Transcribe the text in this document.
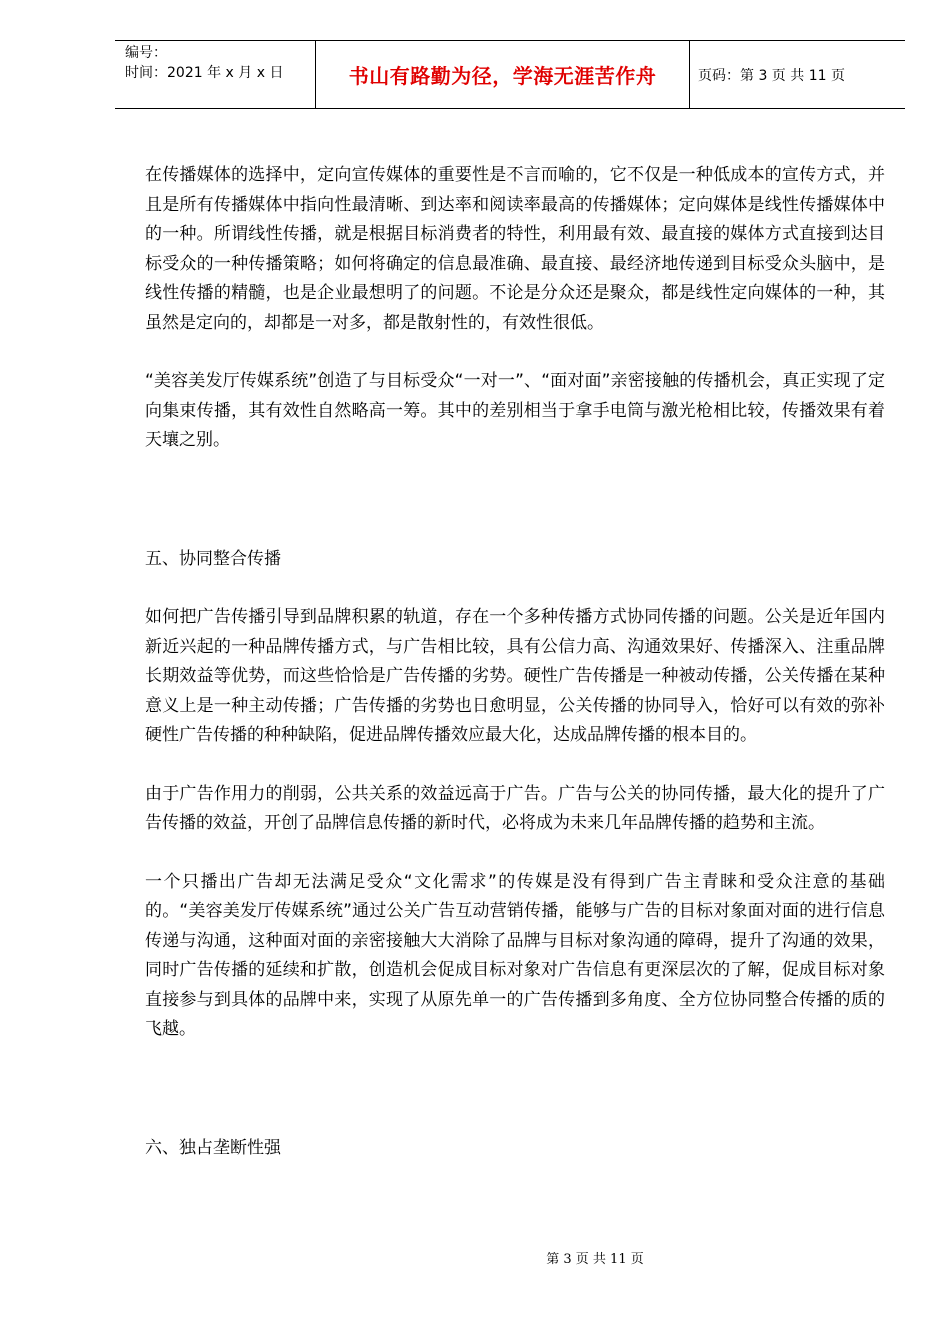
编号：
时间：2021 年 x 月 x 日	书山有路勤为径，学海无涯苦作舟	页码：第 3 页 共 11 页

在传播媒体的选择中，定向宣传媒体的重要性是不言而喻的，它不仅是一种低成本的宣传方式，并且是所有传播媒体中指向性最清晰、到达率和阅读率最高的传播媒体；定向媒体是线性传播媒体中的一种。所谓线性传播，就是根据目标消费者的特性，利用最有效、最直接的媒体方式直接到达目标受众的一种传播策略；如何将确定的信息最准确、最直接、最经济地传递到目标受众头脑中，是线性传播的精髓，也是企业最想明了的问题。不论是分众还是聚众，都是线性定向媒体的一种，其虽然是定向的，却都是一对多，都是散射性的，有效性很低。

“美容美发厅传媒系统”创造了与目标受众“一对一”、“面对面”亲密接触的传播机会，真正实现了定向集束传播，其有效性自然略高一筹。其中的差别相当于拿手电筒与激光枪相比较，传播效果有着天壤之别。

五、协同整合传播

如何把广告传播引导到品牌积累的轨道，存在一个多种传播方式协同传播的问题。公关是近年国内新近兴起的一种品牌传播方式，与广告相比较，具有公信力高、沟通效果好、传播深入、注重品牌长期效益等优势，而这些恰恰是广告传播的劣势。硬性广告传播是一种被动传播，公关传播在某种意义上是一种主动传播；广告传播的劣势也日愈明显，公关传播的协同导入，恰好可以有效的弥补硬性广告传播的种种缺陷，促进品牌传播效应最大化，达成品牌传播的根本目的。

由于广告作用力的削弱，公共关系的效益远高于广告。广告与公关的协同传播，最大化的提升了广告传播的效益，开创了品牌信息传播的新时代，必将成为未来几年品牌传播的趋势和主流。

一个只播出广告却无法满足受众“文化需求”的传媒是没有得到广告主青睐和受众注意的基础的。“美容美发厅传媒系统”通过公关广告互动营销传播，能够与广告的目标对象面对面的进行信息传递与沟通，这种面对面的亲密接触大大消除了品牌与目标对象沟通的障碍，提升了沟通的效果，同时广告传播的延续和扩散，创造机会促成目标对象对广告信息有更深层次的了解，促成目标对象直接参与到具体的品牌中来，实现了从原先单一的广告传播到多角度、全方位协同整合传播的质的飞越。

六、独占垄断性强

第 3 页 共 11 页
